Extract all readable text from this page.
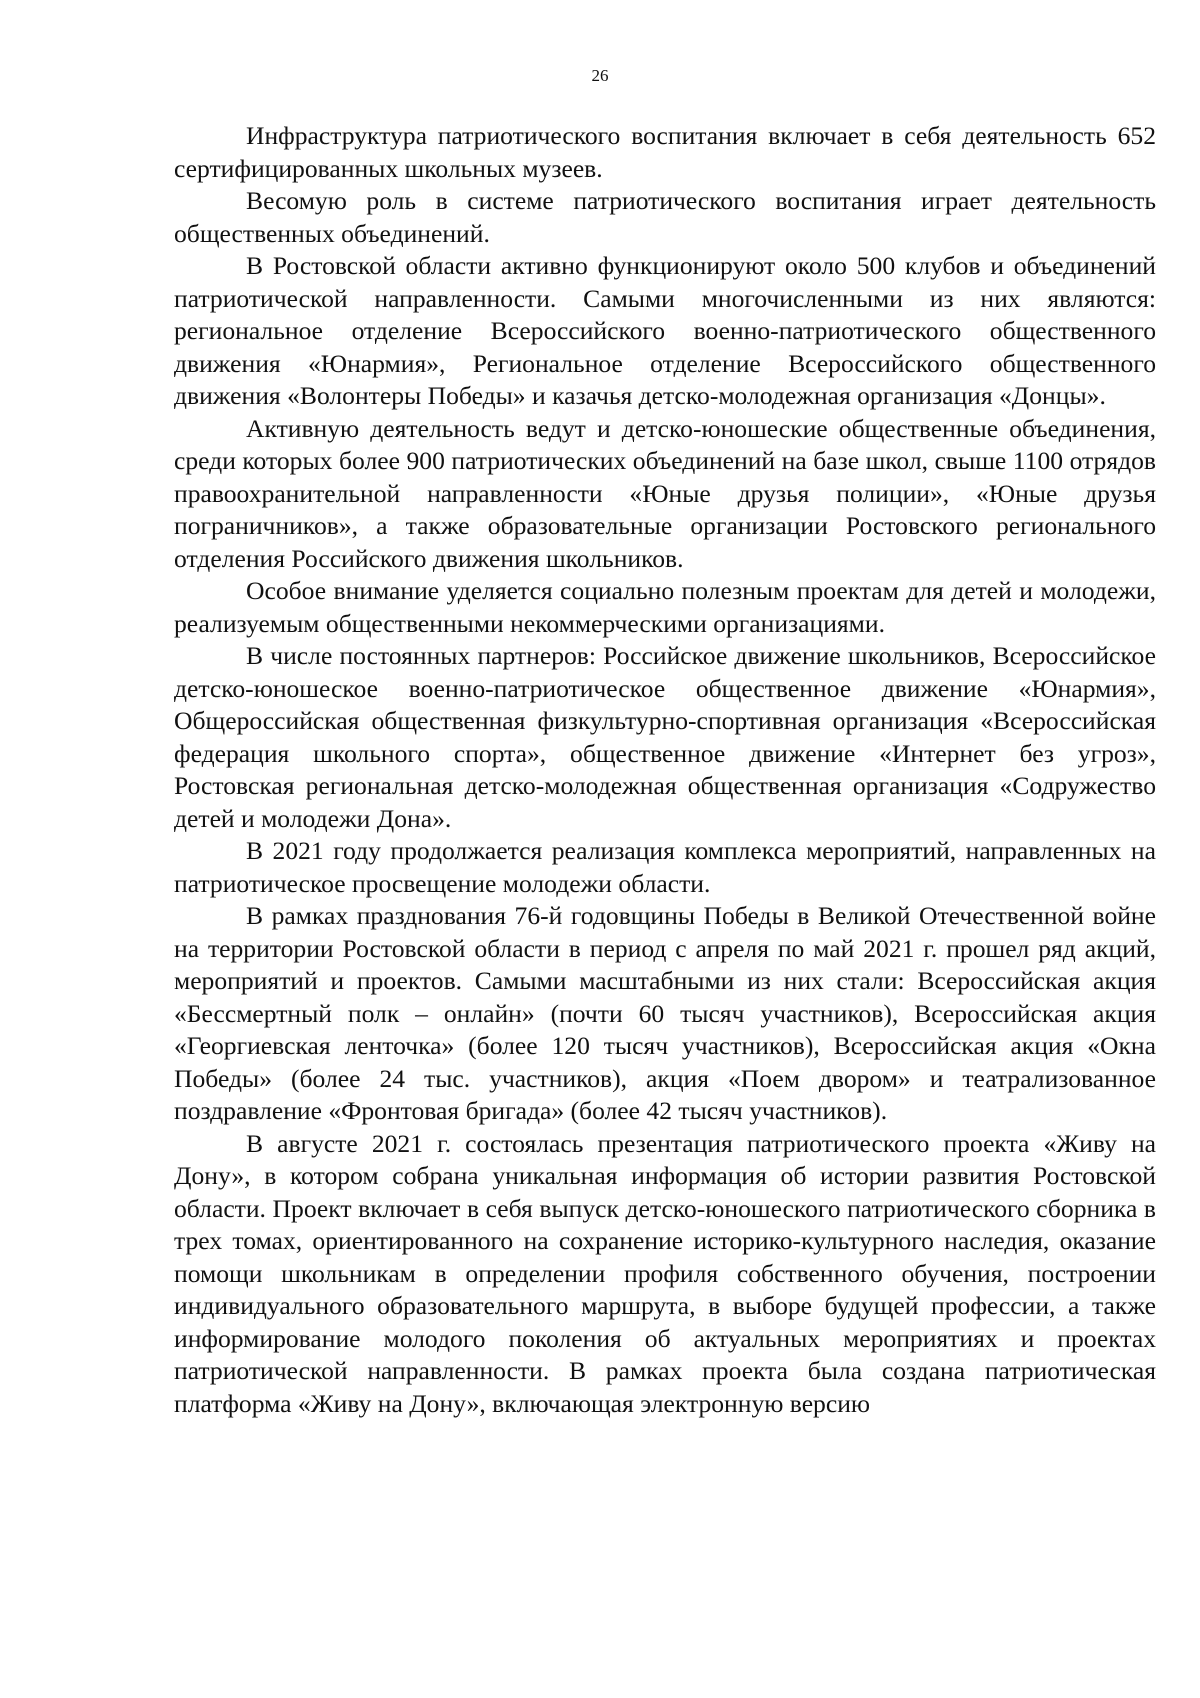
26

Инфраструктура патриотического воспитания включает в себя деятельность 652 сертифицированных школьных музеев.

Весомую роль в системе патриотического воспитания играет деятельность общественных объединений.

В Ростовской области активно функционируют около 500 клубов и объединений патриотической направленности. Самыми многочисленными из них являются: региональное отделение Всероссийского военно-патриотического общественного движения «Юнармия», Региональное отделение Всероссийского общественного движения «Волонтеры Победы» и казачья детско-молодежная организация «Донцы».

Активную деятельность ведут и детско-юношеские общественные объединения, среди которых более 900 патриотических объединений на базе школ, свыше 1100 отрядов правоохранительной направленности «Юные друзья полиции», «Юные друзья пограничников», а также образовательные организации Ростовского регионального отделения Российского движения школьников.

Особое внимание уделяется социально полезным проектам для детей и молодежи, реализуемым общественными некоммерческими организациями.

В числе постоянных партнеров: Российское движение школьников, Всероссийское детско-юношеское военно-патриотическое общественное движение «Юнармия», Общероссийская общественная физкультурно-спортивная организация «Всероссийская федерация школьного спорта», общественное движение «Интернет без угроз», Ростовская региональная детско-молодежная общественная организация «Содружество детей и молодежи Дона».

В 2021 году продолжается реализация комплекса мероприятий, направленных на патриотическое просвещение молодежи области.

В рамках празднования 76-й годовщины Победы в Великой Отечественной войне на территории Ростовской области в период с апреля по май 2021 г. прошел ряд акций, мероприятий и проектов. Самыми масштабными из них стали: Всероссийская акция «Бессмертный полк – онлайн» (почти 60 тысяч участников), Всероссийская акция «Георгиевская ленточка» (более 120 тысяч участников), Всероссийская акция «Окна Победы» (более 24 тыс. участников), акция «Поем двором» и театрализованное поздравление «Фронтовая бригада» (более 42 тысяч участников).

В августе 2021 г. состоялась презентация патриотического проекта «Живу на Дону», в котором собрана уникальная информация об истории развития Ростовской области. Проект включает в себя выпуск детско-юношеского патриотического сборника в трех томах, ориентированного на сохранение историко-культурного наследия, оказание помощи школьникам в определении профиля собственного обучения, построении индивидуального образовательного маршрута, в выборе будущей профессии, а также информирование молодого поколения об актуальных мероприятиях и проектах патриотической направленности. В рамках проекта была создана патриотическая платформа «Живу на Дону», включающая электронную версию
